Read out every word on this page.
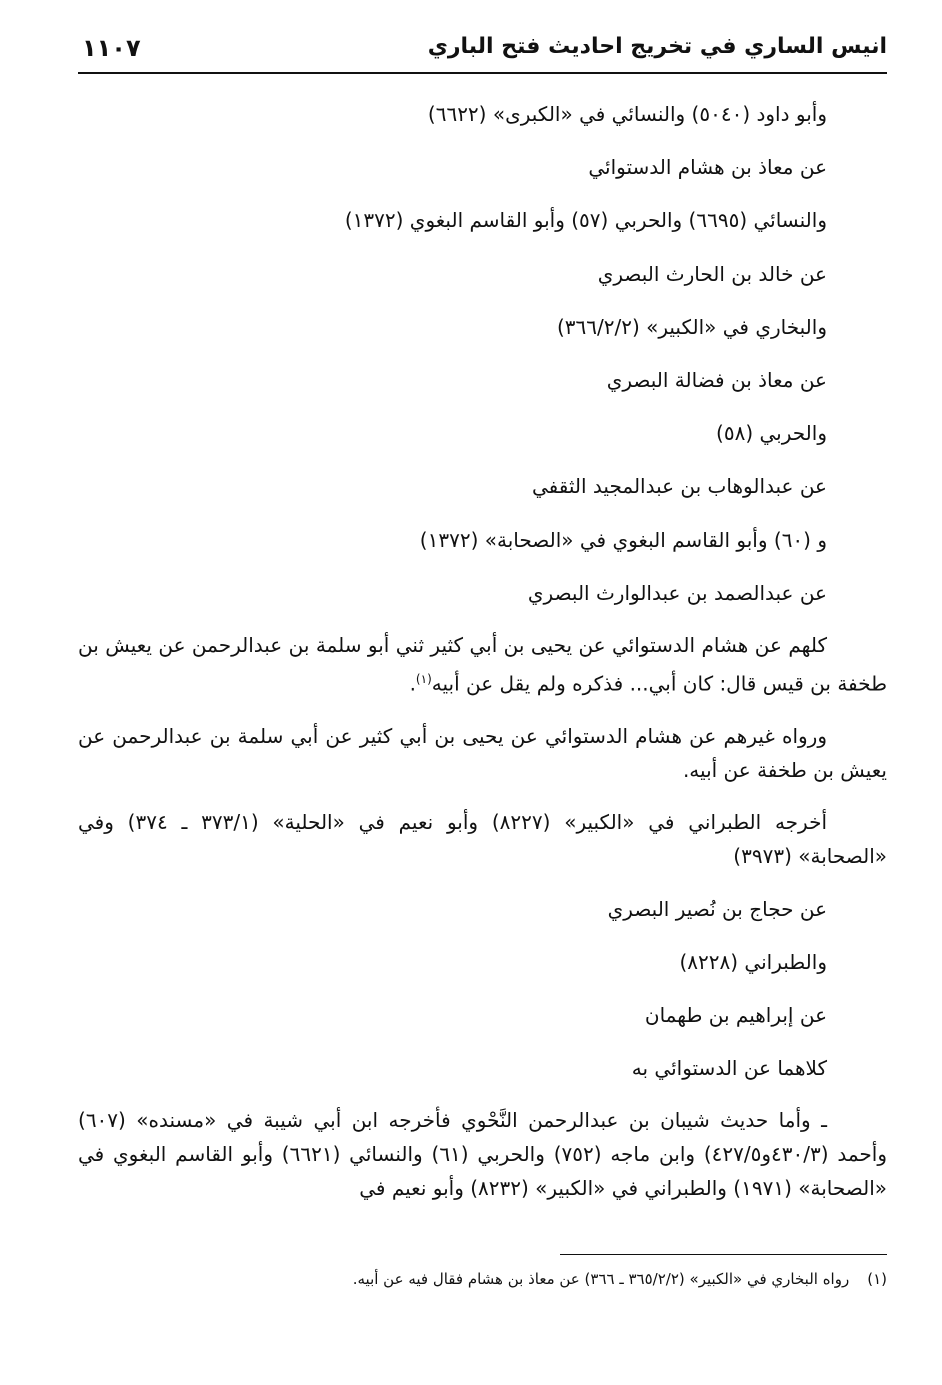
انيس الساري في تخريج احاديث فتح الباري
١١٠٧
وأبو داود (٥٠٤٠) والنسائي في «الكبرى» (٦٦٢٢)
عن معاذ بن هشام الدستوائي
والنسائي (٦٦٩٥) والحربي (٥٧) وأبو القاسم البغوي (١٣٧٢)
عن خالد بن الحارث البصري
والبخاري في «الكبير» (٣٦٦/٢/٢)
عن معاذ بن فضالة البصري
والحربي (٥٨)
عن عبدالوهاب بن عبدالمجيد الثقفي
و (٦٠) وأبو القاسم البغوي في «الصحابة» (١٣٧٢)
عن عبدالصمد بن عبدالوارث البصري
كلهم عن هشام الدستوائي عن يحيى بن أبي كثير ثني أبو سلمة بن عبدالرحمن عن يعيش بن طخفة بن قيس قال: كان أبي... فذكره ولم يقل عن أبيه$^{(١)}$.
ورواه غيرهم عن هشام الدستوائي عن يحيى بن أبي كثير عن أبي سلمة بن عبدالرحمن عن يعيش بن طخفة عن أبيه.
أخرجه الطبراني في «الكبير» (٨٢٢٧) وأبو نعيم في «الحلية» (٣٧٣/١ ـ ٣٧٤) وفي «الصحابة» (٣٩٧٣)
عن حجاج بن نُصير البصري
والطبراني (٨٢٢٨)
عن إبراهيم بن طهمان
كلاهما عن الدستوائي به
ـ وأما حديث شيبان بن عبدالرحمن النَّحْوي فأخرجه ابن أبي شيبة في «مسنده» (٦٠٧) وأحمد (٤٣٠/٣و٤٢٧/٥) وابن ماجه (٧٥٢) والحربي (٦١) والنسائي (٦٦٢١) وأبو القاسم البغوي في «الصحابة» (١٩٧١) والطبراني في «الكبير» (٨٢٣٢) وأبو نعيم في
(١)رواه البخاري في «الكبير» (٣٦٥/٢/٢ ـ ٣٦٦) عن معاذ بن هشام فقال فيه عن أبيه.
